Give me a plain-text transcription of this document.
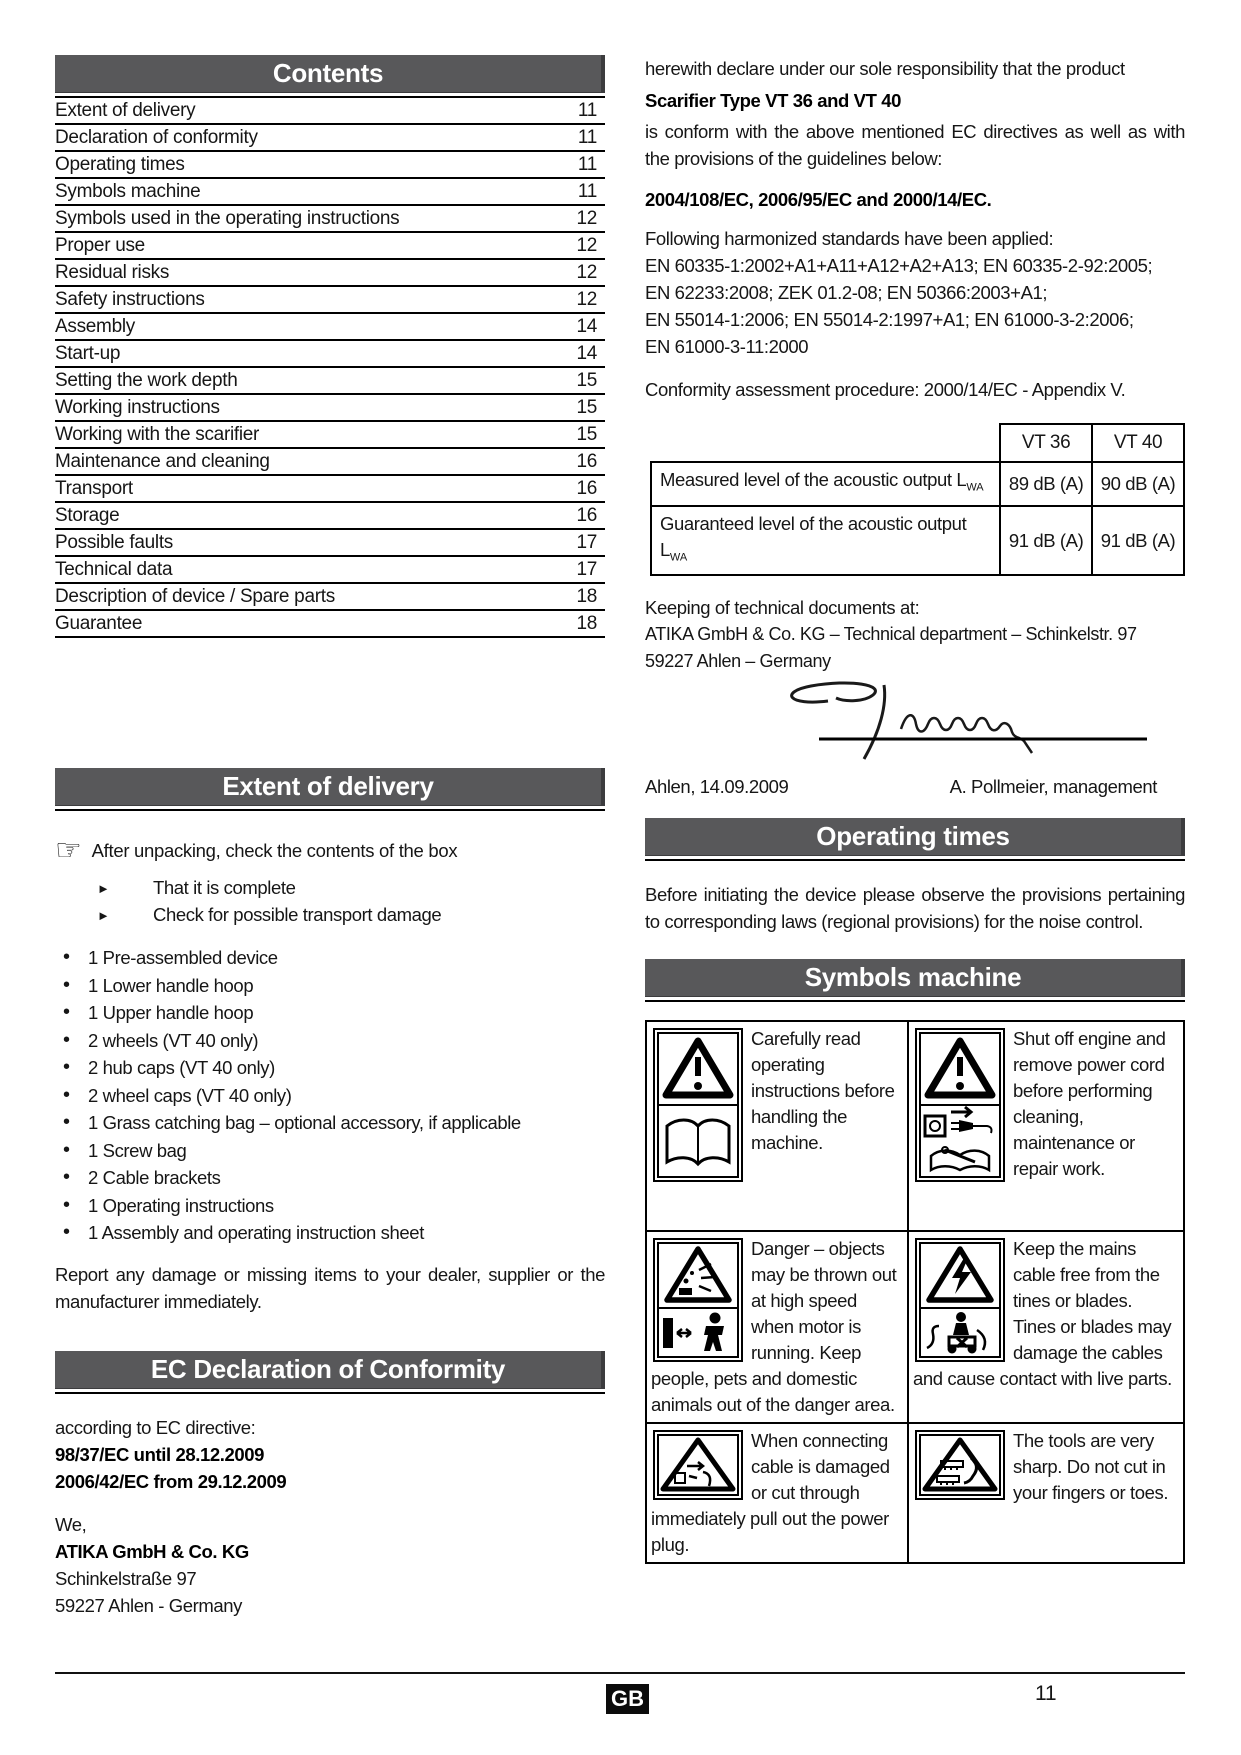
Contents
Extent of delivery	11
Declaration of conformity	11
Operating times	11
Symbols machine	11
Symbols used in the operating instructions	12
Proper use	12
Residual risks	12
Safety instructions	12
Assembly	14
Start-up	14
Setting the work depth	15
Working instructions	15
Working with the scarifier	15
Maintenance and cleaning	16
Transport	16
Storage	16
Possible faults	17
Technical data	17
Description of device / Spare parts	18
Guarantee	18
Extent of delivery
☞ After unpacking, check the contents of the box
► That it is complete
► Check for possible transport damage
• 1 Pre-assembled device
• 1 Lower handle hoop
• 1 Upper handle hoop
• 2 wheels (VT 40 only)
• 2 hub caps (VT 40 only)
• 2 wheel caps (VT 40 only)
• 1 Grass catching bag – optional accessory, if applicable
• 1 Screw bag
• 2 Cable brackets
• 1 Operating instructions
• 1 Assembly and operating instruction sheet
Report any damage or missing items to your dealer, supplier or the manufacturer immediately.
EC Declaration of Conformity
according to EC directive:
98/37/EC until 28.12.2009
2006/42/EC from 29.12.2009
We,
ATIKA GmbH & Co. KG
Schinkelstraße 97
59227 Ahlen - Germany
herewith declare under our sole responsibility that the product
Scarifier Type VT 36 and VT 40
is conform with the above mentioned EC directives as well as with the provisions of the guidelines below:
2004/108/EC, 2006/95/EC and 2000/14/EC.
Following harmonized standards have been applied:
EN 60335-1:2002+A1+A11+A12+A2+A13; EN 60335-2-92:2005;
EN 62233:2008; ZEK 01.2-08; EN 50366:2003+A1;
EN 55014-1:2006; EN 55014-2:1997+A1; EN 61000-3-2:2006;
EN 61000-3-11:2000
Conformity assessment procedure: 2000/14/EC - Appendix V.
	VT 36	VT 40
Measured level of the acoustic output $L_{WA}$	89 dB (A)	90 dB (A)
Guaranteed level of the acoustic output $L_{WA}$	91 dB (A)	91 dB (A)
Keeping of technical documents at:
ATIKA GmbH & Co. KG – Technical department – Schinkelstr. 97
59227 Ahlen – Germany
Ahlen, 14.09.2009	A. Pollmeier, management
Operating times
Before initiating the device please observe the provisions pertaining to corresponding laws (regional provisions) for the noise control.
Symbols machine
Carefully read operating instructions before handling the machine.
Shut off engine and remove power cord before performing cleaning, maintenance or repair work.
Danger – objects may be thrown out at high speed when motor is running. Keep people, pets and domestic animals out of the danger area.
Keep the mains cable free from the tines or blades. Tines or blades may damage the cables and cause contact with live parts.
When connecting cable is damaged or cut through immediately pull out the power plug.
The tools are very sharp. Do not cut in your fingers or toes.
GB	11
